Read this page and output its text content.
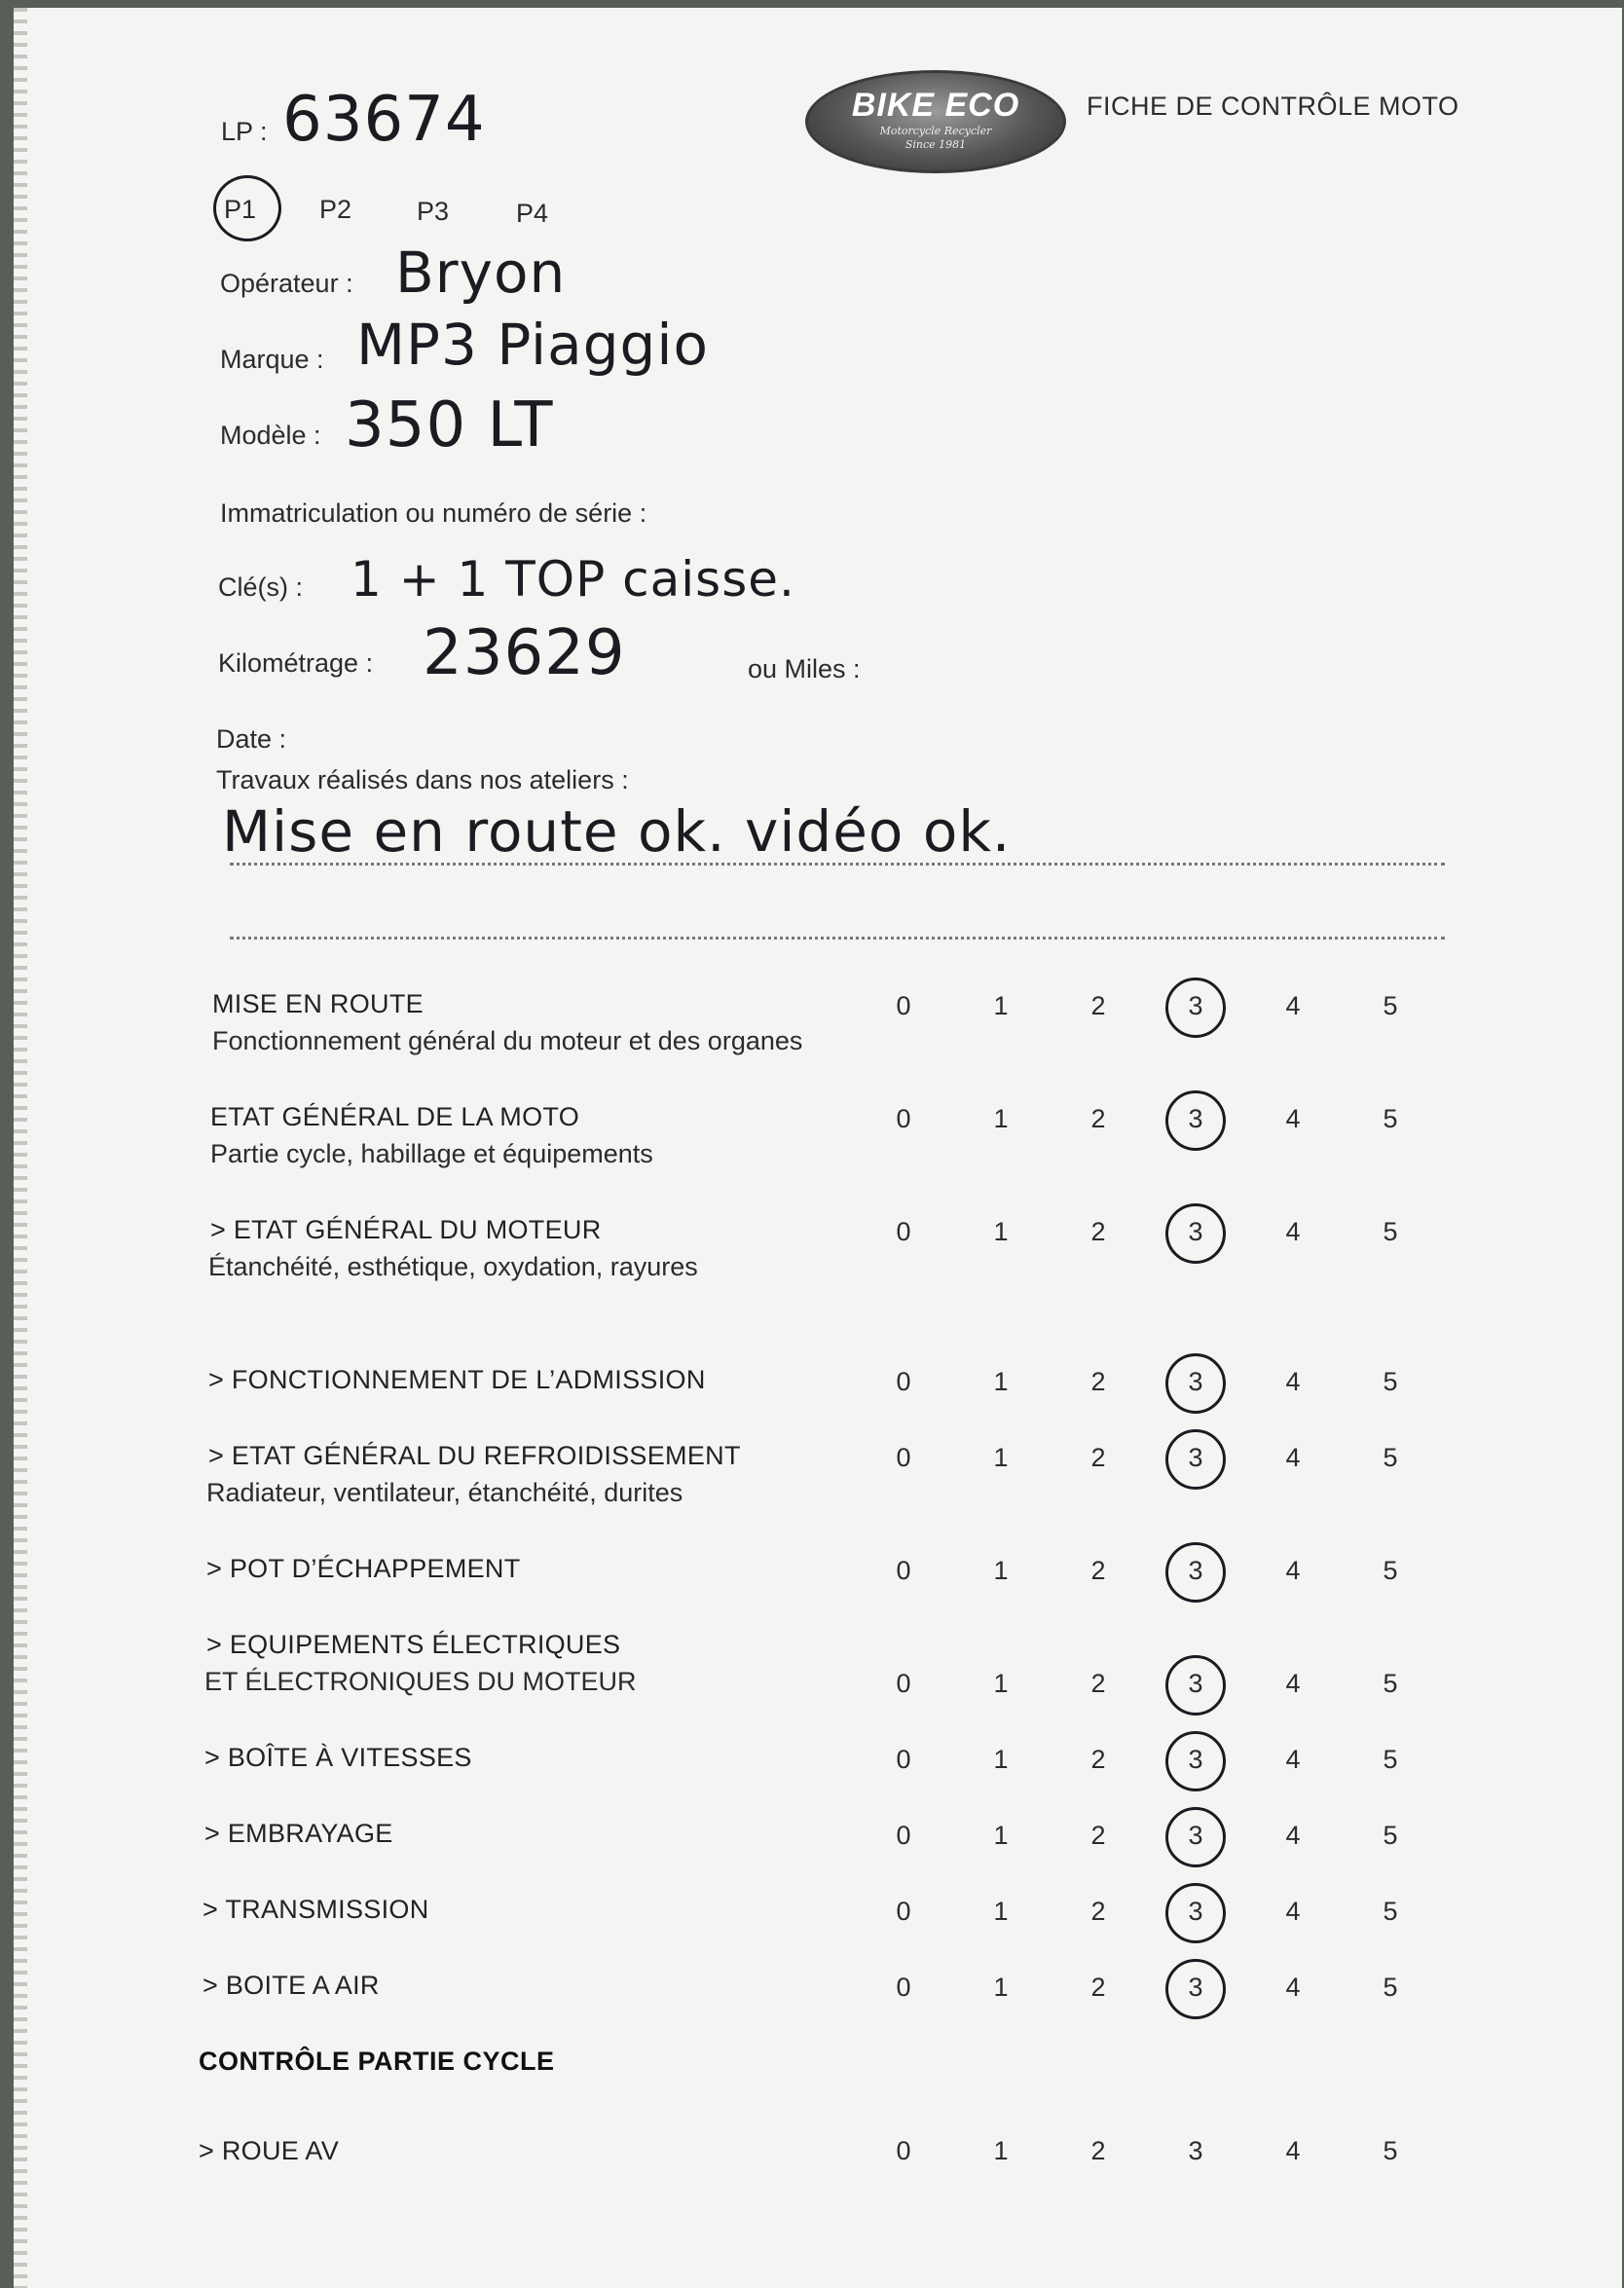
LP : 63674	BIKE ECO
Motorcycle Recycler
Since 1981
FICHE DE CONTRÔLE MOTO
P1 P2 P3	P4
Opérateur : Bryon
Marque : MP3 Piaggio
Modèle : 350 LT
Immatriculation ou numéro de série :
Clé(s) : 1 + 1 TOP caisse.
Kilométrage : 23629	ou Miles :
Date :
Travaux réalisés dans nos ateliers :
Mise en route ok. vidéo ok.
MISE EN ROUTE
Fonctionnement général du moteur et des organes
0	1	2	3	4	5
ETAT GÉNÉRAL DE LA MOTO
Partie cycle, habillage et équipements
0	1	2	3	4	5
> ETAT GÉNÉRAL DU MOTEUR
Étanchéité, esthétique, oxydation, rayures
0	1	2	3	4	5
> FONCTIONNEMENT DE L’ADMISSION	0	1	2	3	4	5
> ETAT GÉNÉRAL DU REFROIDISSEMENT
Radiateur, ventilateur, étanchéité, durites
0	1	2	3	4	5
> POT D’ÉCHAPPEMENT	0	1	2	3	4	5
> EQUIPEMENTS ÉLECTRIQUES
ET ÉLECTRONIQUES DU MOTEUR	0	1	2	3	4	5
> BOÎTE À VITESSES	0	1	2	3	4	5
> EMBRAYAGE	0	1	2	3	4	5
> TRANSMISSION	0	1	2	3	4	5
> BOITE A AIR	0	1	2	3	4	5
CONTRÔLE PARTIE CYCLE
> ROUE AV	0	1	2	3	4	5
